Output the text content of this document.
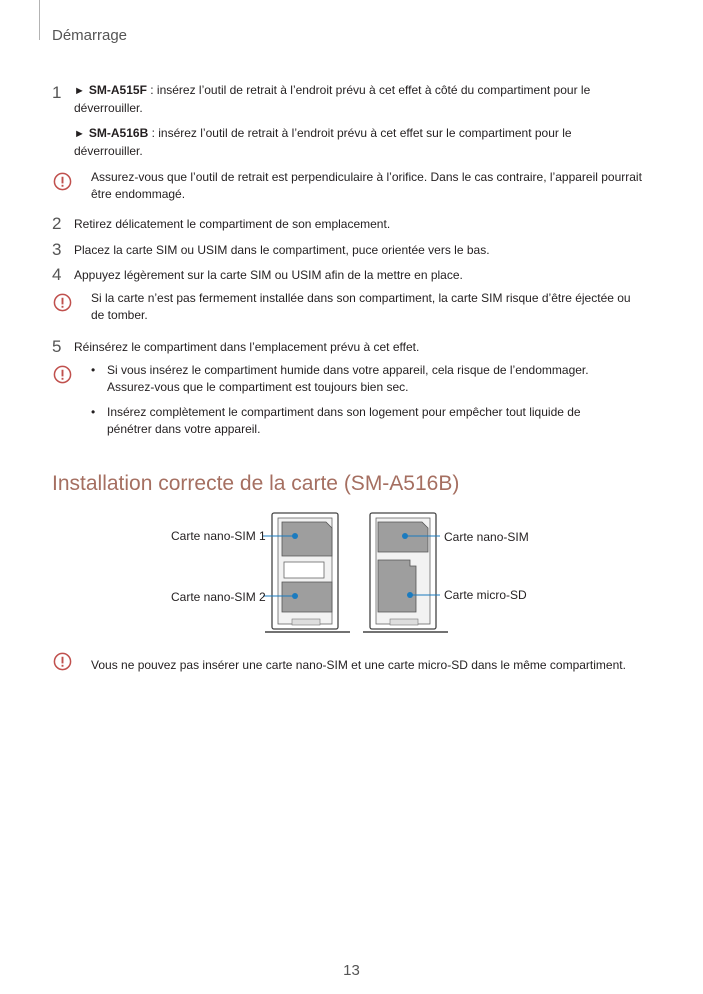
Démarrage
1 ► SM-A515F : insérez l’outil de retrait à l’endroit prévu à cet effet à côté du compartiment pour le
déverrouiller.
► SM-A516B : insérez l’outil de retrait à l’endroit prévu à cet effet sur le compartiment pour le
déverrouiller.
Assurez-vous que l’outil de retrait est perpendiculaire à l’orifice. Dans le cas contraire, l’appareil pourrait
être endommagé.
2 Retirez délicatement le compartiment de son emplacement.
3 Placez la carte SIM ou USIM dans le compartiment, puce orientée vers le bas.
4 Appuyez légèrement sur la carte SIM ou USIM afin de la mettre en place.
Si la carte n’est pas fermement installée dans son compartiment, la carte SIM risque d’être éjectée ou
de tomber.
5 Réinsérez le compartiment dans l’emplacement prévu à cet effet.
• Si vous insérez le compartiment humide dans votre appareil, cela risque de l’endommager.
Assurez-vous que le compartiment est toujours bien sec.
• Insérez complètement le compartiment dans son logement pour empêcher tout liquide de
pénétrer dans votre appareil.
Installation correcte de la carte (SM-A516B)
Carte nano-SIM 1
Carte nano-SIM 2
Carte nano-SIM
Carte micro-SD
Vous ne pouvez pas insérer une carte nano-SIM et une carte micro-SD dans le même compartiment.
13
